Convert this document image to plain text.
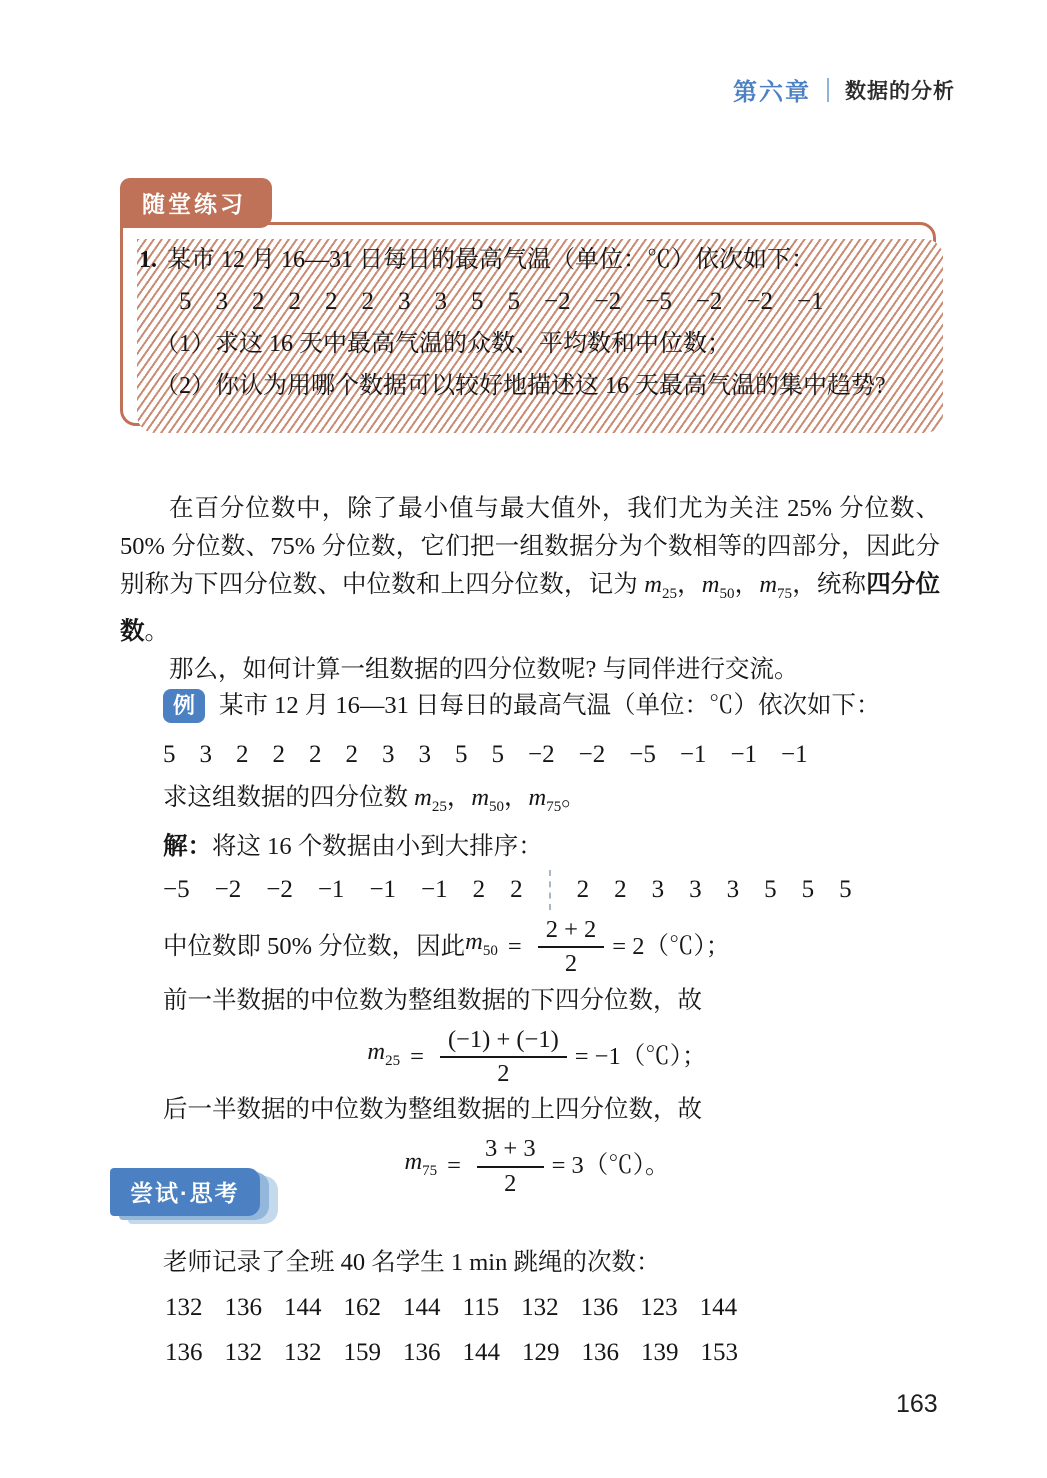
第六章 数据的分析
随堂练习
1. 某市 12 月 16—31 日每日的最高气温（单位：℃）依次如下：
5 3 2 2 2 2 3 3 5 5 −2 −2 −5 −2 −2 −1
（1）求这 16 天中最高气温的众数、平均数和中位数；
（2）你认为用哪个数据可以较好地描述这 16 天最高气温的集中趋势?

在百分位数中，除了最小值与最大值外，我们尤为关注 25% 分位数、50% 分位数、75% 分位数，它们把一组数据分为个数相等的四部分，因此分别称为下四分位数、中位数和上四分位数，记为 $m_{25}$，$m_{50}$，$m_{75}$，统称四分位数。

那么，如何计算一组数据的四分位数呢? 与同伴进行交流。

例 某市 12 月 16—31 日每日的最高气温（单位：℃）依次如下：
5 3 2 2 2 2 3 3 5 5 −2 −2 −5 −1 −1 −1
求这组数据的四分位数 $m_{25}$，$m_{50}$，$m_{75}$。
解：将这 16 个数据由小到大排序：
−5 −2 −2 −1 −1 −1 2 2 2 2 3 3 3 5 5 5
中位数即 50% 分位数，因此 $m_{50} = \frac{2 + 2}{2}$ = 2（℃）；
前一半数据的中位数为整组数据的下四分位数，故
$m_{25} = \frac{(-1) + (-1)}{2}$ = −1（℃）；
后一半数据的中位数为整组数据的上四分位数，故
$m_{75} = \frac{3 + 3}{2}$ = 3（℃）。
尝试·思考
老师记录了全班 40 名学生 1 min 跳绳的次数：
132 136 144 162 144 115 132 136 123 144
136 132 132 159 136 144 129 136 139 153
163
